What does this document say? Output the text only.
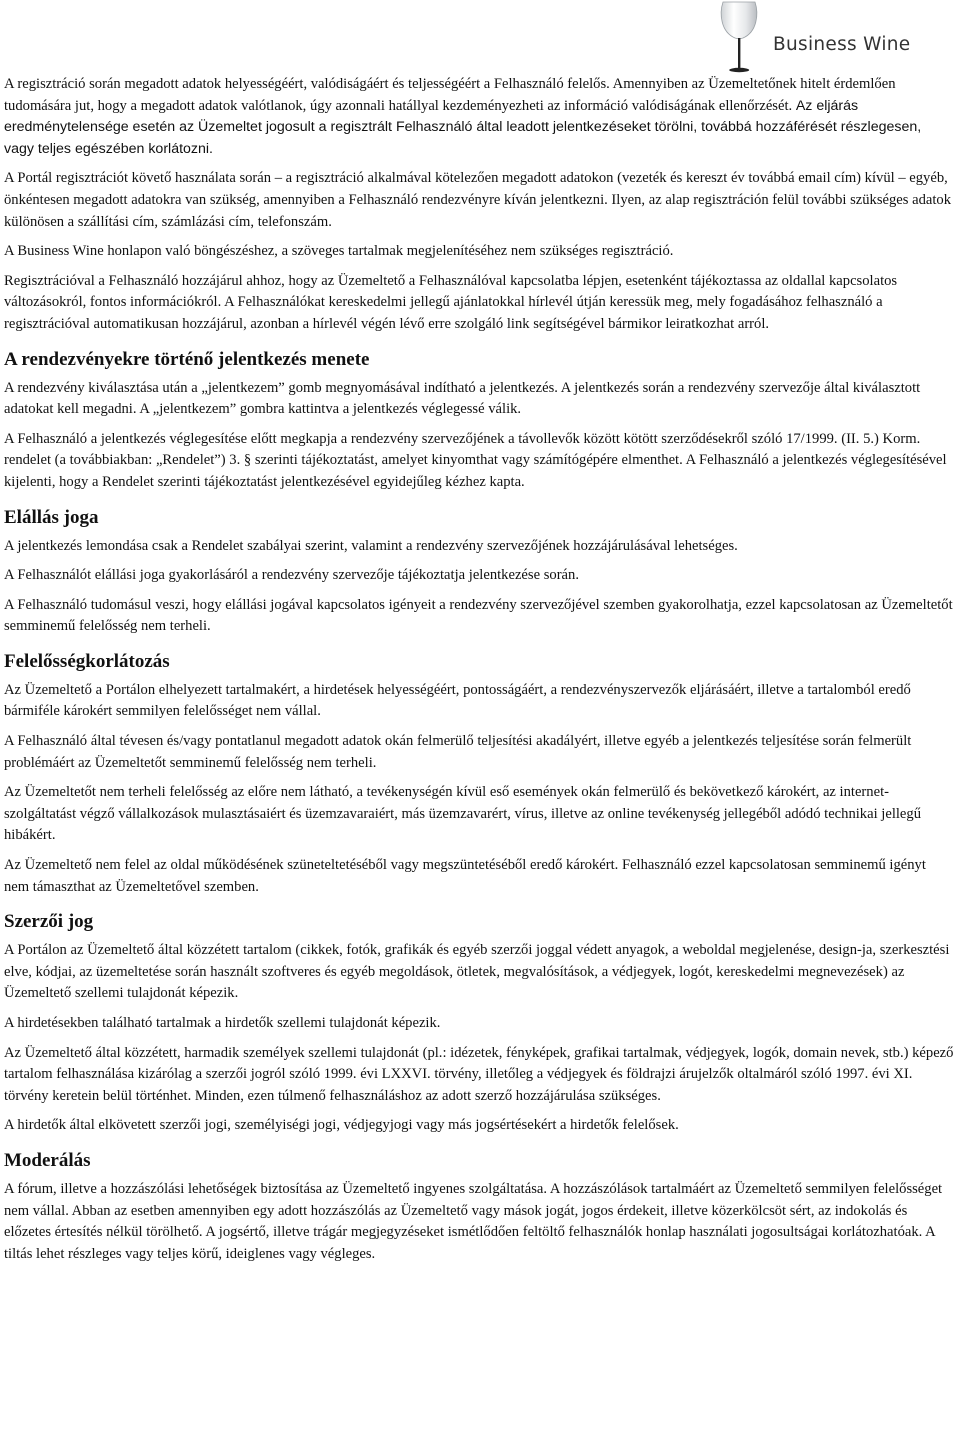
Business Wine

A regisztráció során megadott adatok helyességéért, valódiságáért és teljességéért a Felhasználó felelős. Amennyiben az Üzemeltetőnek hitelt érdemlően tudomására jut, hogy a megadott adatok valótlanok, úgy azonnali hatállyal kezdeményezheti az információ valódiságának ellenőrzését. Az eljárás eredménytelensége esetén az Üzemeltet jogosult a regisztrált Felhasználó által leadott jelentkezéseket törölni, továbbá hozzáférését részlegesen, vagy teljes egészében korlátozni.

A Portál regisztrációt követő használata során – a regisztráció alkalmával kötelezően megadott adatokon (vezeték és kereszt év továbbá email cím) kívül – egyéb, önkéntesen megadott adatokra van szükség, amennyiben a Felhasználó rendezvényre kíván jelentkezni. Ilyen, az alap regisztráción felül további szükséges adatok különösen a szállítási cím, számlázási cím, telefonszám.

A Business Wine honlapon való böngészéshez, a szöveges tartalmak megjelenítéséhez nem szükséges regisztráció.

Regisztrációval a Felhasználó hozzájárul ahhoz, hogy az Üzemeltető a Felhasználóval kapcsolatba lépjen, esetenként tájékoztassa az oldallal kapcsolatos változásokról, fontos információkról. A Felhasználókat kereskedelmi jellegű ajánlatokkal hírlevél útján keressük meg, mely fogadásához felhasználó a regisztrációval automatikusan hozzájárul, azonban a hírlevél végén lévő erre szolgáló link segítségével bármikor leiratkozhat arról.

A rendezvényekre történő jelentkezés menete

A rendezvény kiválasztása után a „jelentkezem” gomb megnyomásával indítható a jelentkezés. A jelentkezés során a rendezvény szervezője által kiválasztott adatokat kell megadni. A „jelentkezem” gombra kattintva a jelentkezés véglegessé válik.

A Felhasználó a jelentkezés véglegesítése előtt megkapja a rendezvény szervezőjének a távollevők között kötött szerződésekről szóló 17/1999. (II. 5.) Korm. rendelet (a továbbiakban: „Rendelet”) 3. § szerinti tájékoztatást, amelyet kinyomthat vagy számítógépére elmenthet. A Felhasználó a jelentkezés véglegesítésével kijelenti, hogy a Rendelet szerinti tájékoztatást jelentkezésével egyidejűleg kézhez kapta.

Elállás joga

A jelentkezés lemondása csak a Rendelet szabályai szerint, valamint a rendezvény szervezőjének hozzájárulásával lehetséges.

A Felhasználót elállási joga gyakorlásáról a rendezvény szervezője tájékoztatja jelentkezése során.

A Felhasználó tudomásul veszi, hogy elállási jogával kapcsolatos igényeit a rendezvény szervezőjével szemben gyakorolhatja, ezzel kapcsolatosan az Üzemeltetőt semminemű felelősség nem terheli.

Felelősségkorlátozás

Az Üzemeltető a Portálon elhelyezett tartalmakért, a hirdetések helyességéért, pontosságáért, a rendezvényszervezők eljárásáért, illetve a tartalomból eredő bármiféle károkért semmilyen felelősséget nem vállal.

A Felhasználó által tévesen és/vagy pontatlanul megadott adatok okán felmerülő teljesítési akadályért, illetve egyéb a jelentkezés teljesítése során felmerült problémáért az Üzemeltetőt semminemű felelősség nem terheli.

Az Üzemeltetőt nem terheli felelősség az előre nem látható, a tevékenységén kívül eső események okán felmerülő és bekövetkező károkért, az internet-szolgáltatást végző vállalkozások mulasztásaiért és üzemzavaraiért, más üzemzavarért, vírus, illetve az online tevékenység jellegéből adódó technikai jellegű hibákért.

Az Üzemeltető nem felel az oldal működésének szüneteltetéséből vagy megszüntetéséből eredő károkért. Felhasználó ezzel kapcsolatosan semminemű igényt nem támaszthat az Üzemeltetővel szemben.

Szerzői jog

A Portálon az Üzemeltető által közzétett tartalom (cikkek, fotók, grafikák és egyéb szerzői joggal védett anyagok, a weboldal megjelenése, design-ja, szerkesztési elve, kódjai, az üzemeltetése során használt szoftveres és egyéb megoldások, ötletek, megvalósítások, a védjegyek, logót, kereskedelmi megnevezések) az Üzemeltető szellemi tulajdonát képezik.

A hirdetésekben található tartalmak a hirdetők szellemi tulajdonát képezik.

Az Üzemeltető által közzétett, harmadik személyek szellemi tulajdonát (pl.: idézetek, fényképek, grafikai tartalmak, védjegyek, logók, domain nevek, stb.) képező tartalom felhasználása kizárólag a szerzői jogról szóló 1999. évi LXXVI. törvény, illetőleg a védjegyek és földrajzi árujelzők oltalmáról szóló 1997. évi XI. törvény keretein belül történhet. Minden, ezen túlmenő felhasználáshoz az adott szerző hozzájárulása szükséges.

A hirdetők által elkövetett szerzői jogi, személyiségi jogi, védjegyjogi vagy más jogsértésekért a hirdetők felelősek.

Moderálás

A fórum, illetve a hozzászólási lehetőségek biztosítása az Üzemeltető ingyenes szolgáltatása. A hozzászólások tartalmáért az Üzemeltető semmilyen felelősséget nem vállal. Abban az esetben amennyiben egy adott hozzászólás az Üzemeltető vagy mások jogát, jogos érdekeit, illetve közerkölcsöt sért, az indokolás és előzetes értesítés nélkül törölhető. A jogsértő, illetve trágár megjegyzéseket ismétlődően feltöltő felhasználók honlap használati jogosultságai korlátozhatóak. A tiltás lehet részleges vagy teljes körű, ideiglenes vagy végleges.
